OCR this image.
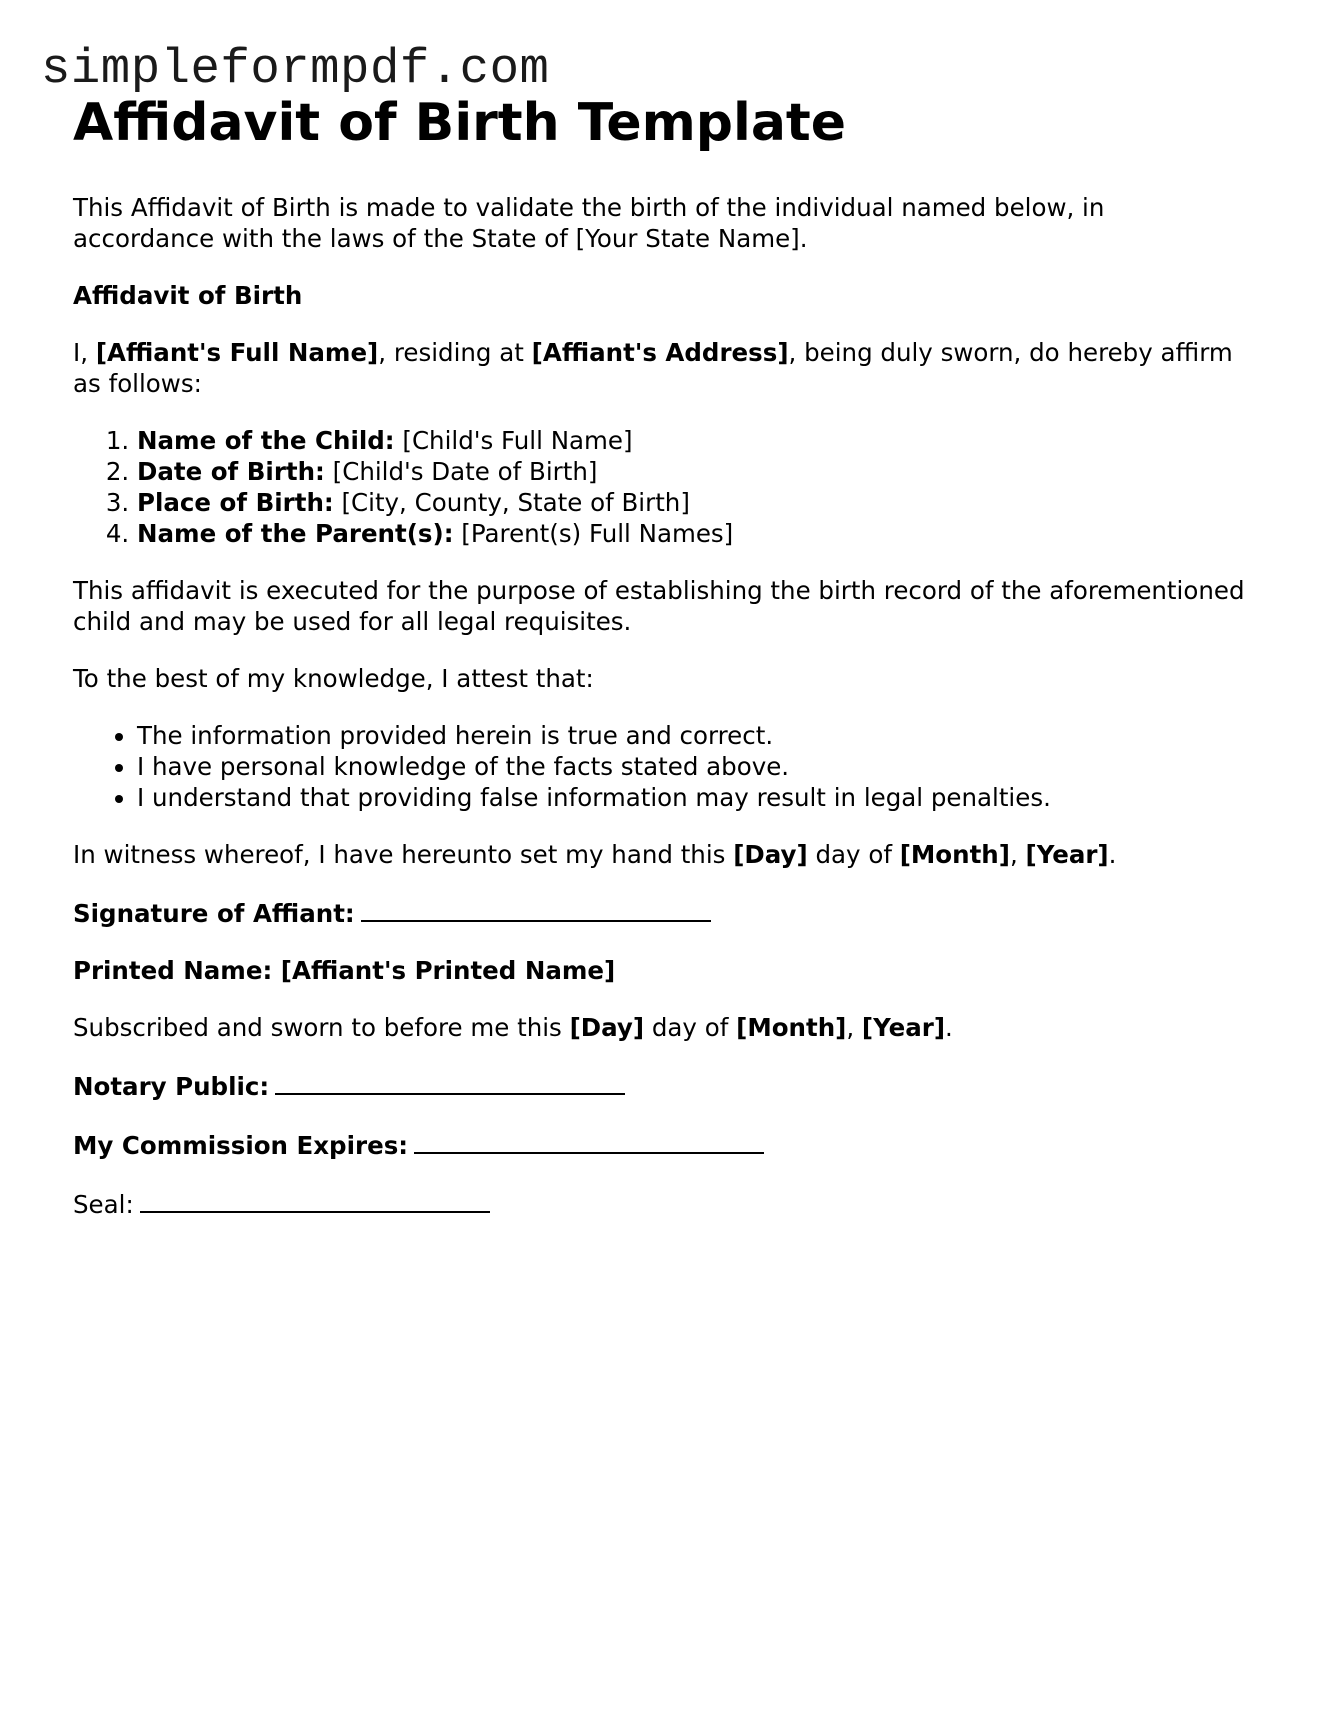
simpleformpdf.com
Affidavit of Birth Template

This Affidavit of Birth is made to validate the birth of the individual named below, in accordance with the laws of the State of [Your State Name].

Affidavit of Birth

I, [Affiant's Full Name], residing at [Affiant's Address], being duly sworn, do hereby affirm as follows:

1. Name of the Child: [Child's Full Name]
2. Date of Birth: [Child's Date of Birth]
3. Place of Birth: [City, County, State of Birth]
4. Name of the Parent(s): [Parent(s) Full Names]

This affidavit is executed for the purpose of establishing the birth record of the aforementioned child and may be used for all legal requisites.

To the best of my knowledge, I attest that:

• The information provided herein is true and correct.
• I have personal knowledge of the facts stated above.
• I understand that providing false information may result in legal penalties.

In witness whereof, I have hereunto set my hand this [Day] day of [Month], [Year].

Signature of Affiant:

Printed Name: [Affiant's Printed Name]

Subscribed and sworn to before me this [Day] day of [Month], [Year].

Notary Public:

My Commission Expires:

Seal:
